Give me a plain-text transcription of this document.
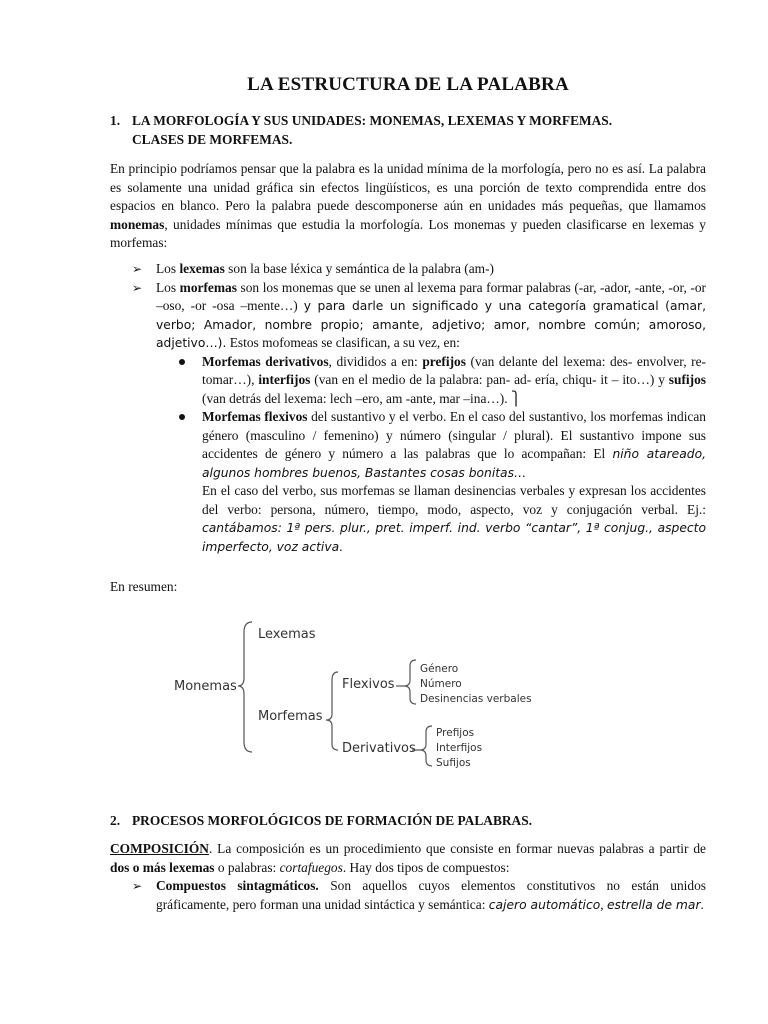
LA ESTRUCTURA DE LA PALABRA
1. LA MORFOLOGÍA Y SUS UNIDADES: MONEMAS, LEXEMAS Y MORFEMAS.
CLASES DE MORFEMAS.

En principio podríamos pensar que la palabra es la unidad mínima de la morfología, pero no es así. La palabra es solamente una unidad gráfica sin efectos lingüísticos, es una porción de texto comprendida entre dos espacios en blanco. Pero la palabra puede descomponerse aún en unidades más pequeñas, que llamamos monemas, unidades mínimas que estudia la morfología. Los monemas y pueden clasificarse en lexemas y morfemas:

➢ Los lexemas son la base léxica y semántica de la palabra (am-)
➢ Los morfemas son los monemas que se unen al lexema para formar palabras (-ar, -ador, -ante, -or, -or –oso, -or -osa –mente…) y para darle un significado y una categoría gramatical (amar, verbo; Amador, nombre propio; amante, adjetivo; amor, nombre común; amoroso, adjetivo…). Estos mofomeas se clasifican, a su vez, en:
Morfemas derivativos, divididos a en: prefijos (van delante del lexema: des- envolver, re- tomar…), interfijos (van en el medio de la palabra: pan- ad- ería, chiqu- it – ito…) y sufijos (van detrás del lexema: lech –ero, am -ante, mar –ina…). ⎫
Morfemas flexivos del sustantivo y el verbo. En el caso del sustantivo, los morfemas indican género (masculino / femenino) y número (singular / plural). El sustantivo impone sus accidentes de género y número a las palabras que lo acompañan: El niño atareado, algunos hombres buenos, Bastantes cosas bonitas…
En el caso del verbo, sus morfemas se llaman desinencias verbales y expresan los accidentes del verbo: persona, número, tiempo, modo, aspecto, voz y conjugación verbal. Ej.: cantábamos: 1ª pers. plur., pret. imperf. ind. verbo “cantar”, 1ª conjug., aspecto imperfecto, voz activa.

En resumen:

Monemas
Lexemas
Morfemas
Flexivos
Derivativos
Género
Número
Desinencias verbales
Prefijos
Interfijos
Sufijos
2. PROCESOS MORFOLÓGICOS DE FORMACIÓN DE PALABRAS.

COMPOSICIÓN. La composición es un procedimiento que consiste en formar nuevas palabras a partir de dos o más lexemas o palabras: cortafuegos. Hay dos tipos de compuestos:

➢ Compuestos sintagmáticos. Son aquellos cuyos elementos constitutivos no están unidos gráficamente, pero forman una unidad sintáctica y semántica: cajero automático, estrella de mar.
